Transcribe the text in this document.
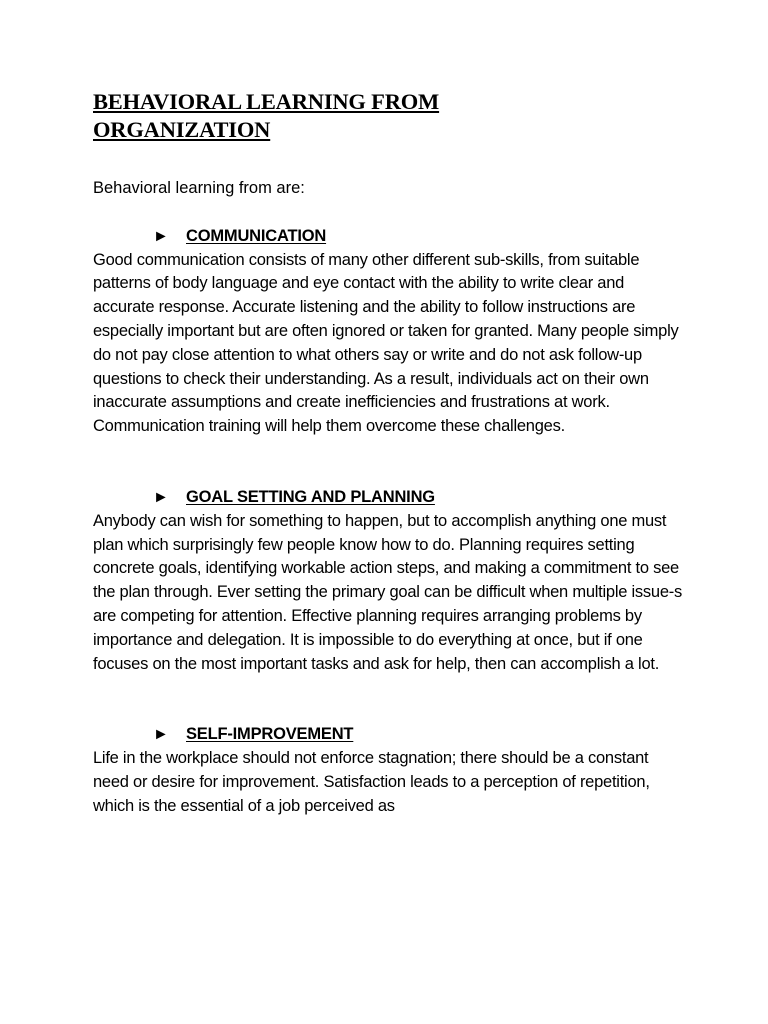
BEHAVIORAL LEARNING FROM
ORGANIZATION

Behavioral learning from are:

►	COMMUNICATION

Good communication consists of many other different sub-skills, from suitable patterns of body language and eye contact with the ability to write clear and accurate response. Accurate listening and the ability to follow instructions are especially important but are often ignored or taken for granted. Many people simply do not pay close attention to what others say or write and do not ask follow-up questions to check their understanding. As a result, individuals act on their own inaccurate assumptions and create inefficiencies and frustrations at work. Communication training will help them overcome these challenges.

►	GOAL SETTING AND PLANNING

Anybody can wish for something to happen, but to accomplish anything one must plan which surprisingly few people know how to do. Planning requires setting concrete goals, identifying workable action steps, and making a commitment to see the plan through. Ever setting the primary goal can be difficult when multiple issue-s are competing for attention. Effective planning requires arranging problems by importance and delegation. It is impossible to do everything at once, but if one focuses on the most important tasks and ask for help, then can accomplish a lot.

►	SELF-IMPROVEMENT

Life in the workplace should not enforce stagnation; there should be a constant need or desire for improvement. Satisfaction leads to a perception of repetition, which is the essential of a job perceived as
